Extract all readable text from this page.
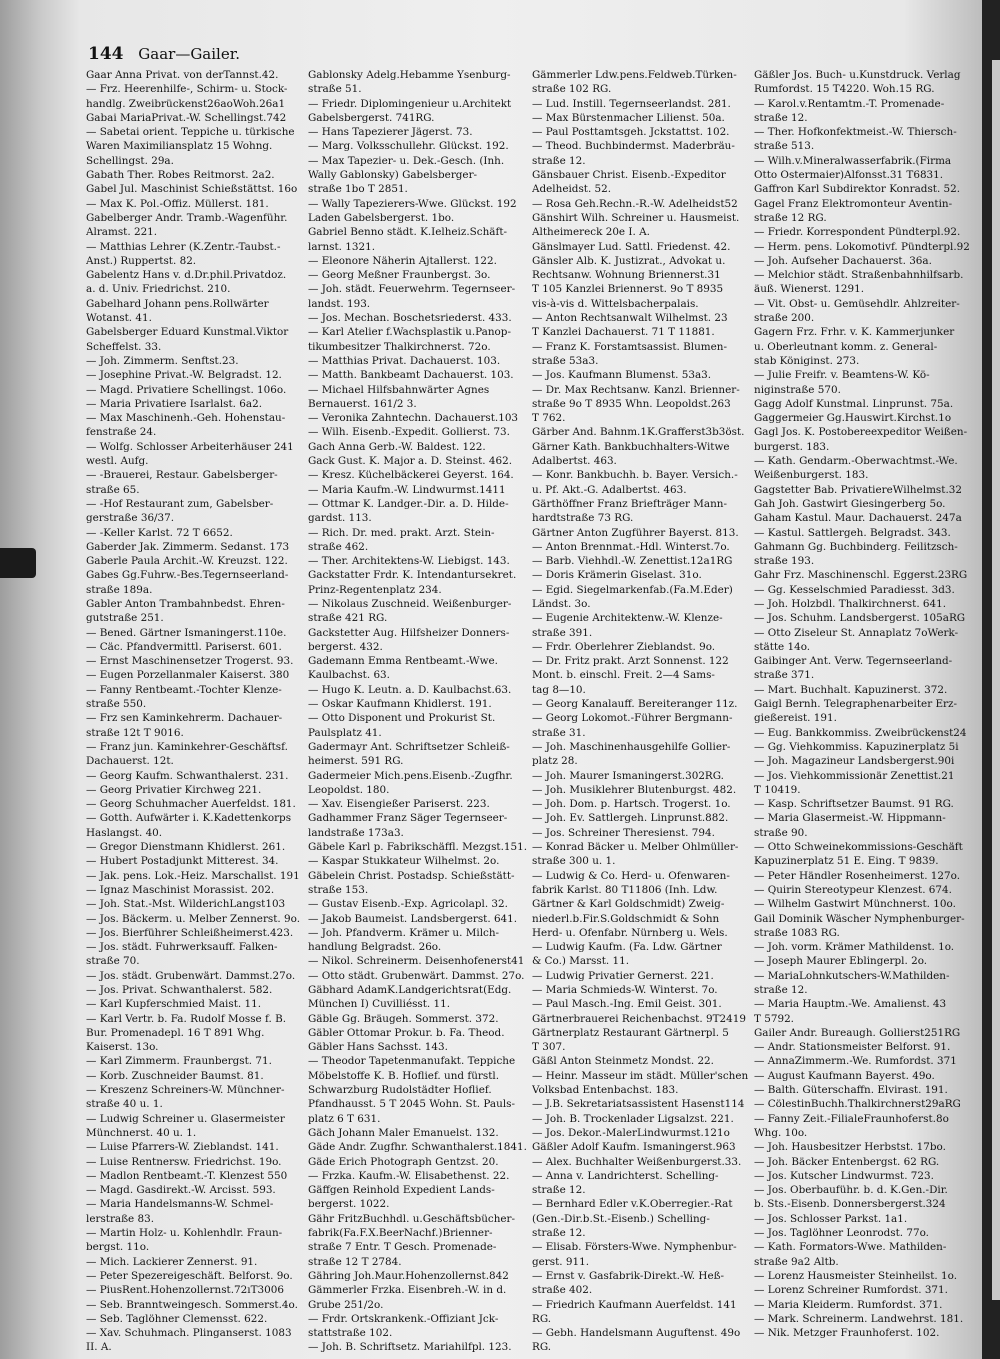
144 Gaar—Gailer.
Gaar Anna Privat. von derTannst.42.
— Frz. Heerenhilfe-, Schirm- u. Stock-
handlg. Zweibrückenst26aoWoh.26a1
Gabai MariaPrivat.-W. Schellingst.742
— Sabetai orient. Teppiche u. türkische
Waren Maximiliansplatz 15 Wohng.
Schellingst. 29a.
Gabath Ther. Robes Reitmorst. 2a2.
Gabel Jul. Maschinist Schießstättst. 16o
— Max K. Pol.-Offiz. Müllerst. 181.
Gabelberger Andr. Tramb.-Wagenführ.
Alramst. 221.
— Matthias Lehrer (K.Zentr.-Taubst.-
Anst.) Ruppertst. 82.
Gabelentz Hans v. d.Dr.phil.Privatdoz.
a. d. Univ. Friedrichst. 210.
Gabelhard Johann pens.Rollwärter
Wotanst. 41.
Gabelsberger Eduard Kunstmal.Viktor
Scheffelst. 33.
— Joh. Zimmerm. Senftst.23.
— Josephine Privat.-W. Belgradst. 12.
— Magd. Privatiere Schellingst. 106o.
— Maria Privatiere Isarlalst. 6a2.
— Max Maschinenh.-Geh. Hohenstau-
fenstraße 24.
— Wolfg. Schlosser Arbeiterhäuser 241
westl. Aufg.
— -Brauerei, Restaur. Gabelsberger-
straße 65.
— -Hof Restaurant zum, Gabelsber-
gerstraße 36/37.
— -Keller Karlst. 72 T 6652.
Gaberder Jak. Zimmerm. Sedanst. 173
Gaberle Paula Archit.-W. Kreuzst. 122.
Gabes Gg.Fuhrw.-Bes.Tegernseerland-
straße 189a.
Gabler Anton Trambahnbedst. Ehren-
gutstraße 251.
— Bened. Gärtner Ismaningerst.110e.
— Cäc. Pfandvermittl. Pariserst. 601.
— Ernst Maschinensetzer Trogerst. 93.
— Eugen Porzellanmaler Kaiserst. 380
— Fanny Rentbeamt.-Tochter Klenze-
straße 550.
— Frz sen Kaminkehrerm. Dachauer-
straße 12t T 9016.
— Franz jun. Kaminkehrer-Geschäftsf.
Dachauerst. 12t.
— Georg Kaufm. Schwanthalerst. 231.
— Georg Privatier Kirchweg 221.
— Georg Schuhmacher Auerfeldst. 181.
— Gotth. Aufwärter i. K.Kadettenkorps
Haslangst. 40.
— Gregor Dienstmann Khidlerst. 261.
— Hubert Postadjunkt Mitterest. 34.
— Jak. pens. Lok.-Heiz. Marschallst. 191
— Ignaz Maschinist Morassist. 202.
— Joh. Stat.-Mst. WilderichLangst103
— Jos. Bäckerm. u. Melber Zennerst. 9o.
— Jos. Bierführer Schleißheimerst.423.
— Jos. städt. Fuhrwerksauff. Falken-
straße 70.
— Jos. städt. Grubenwärt. Dammst.27o.
— Jos. Privat. Schwanthalerst. 582.
— Karl Kupferschmied Maist. 11.
— Karl Vertr. b. Fa. Rudolf Mosse f. B.
Bur. Promenadepl. 16 T 891 Whg.
Kaiserst. 13o.
— Karl Zimmerm. Fraunbergst. 71.
— Korb. Zuschneider Baumst. 81.
— Kreszenz Schreiners-W. Münchner-
straße 40 u. 1.
— Ludwig Schreiner u. Glasermeister
Münchnerst. 40 u. 1.
— Luise Pfarrers-W. Zieblandst. 141.
— Luise Rentnersw. Friedrichst. 19o.
— Madlon Rentbeamt.-T. Klenzest 550
— Magd. Gasdirekt.-W. Arcisst. 593.
— Maria Handelsmanns-W. Schmel-
lerstraße 83.
— Martin Holz- u. Kohlenhdlr. Fraun-
bergst. 11o.
— Mich. Lackierer Zennerst. 91.
— Peter Spezereigeschäft. Belforst. 9o.
— PiusRent.Hohenzollernst.72ıT3006
— Seb. Branntweingesch. Sommerst.4o.
— Seb. Taglöhner Clemensst. 622.
— Xav. Schuhmach. Plinganserst. 1083
II. A.
Gablonsky Adelg.Hebamme Ysenburg-
straße 51.
— Friedr. Diplomingenieur u.Architekt
Gabelsbergerst. 741RG.
— Hans Tapezierer Jägerst. 73.
— Marg. Volksschullehr. Glückst. 192.
— Max Tapezier- u. Dek.-Gesch. (Inh.
Wally Gablonsky) Gabelsberger-
straße 1bo T 2851.
— Wally Tapezierers-Wwe. Glückst. 192
Laden Gabelsbergerst. 1bo.
Gabriel Benno städt. K.Ielheiz.Schäft-
larnst. 1321.
— Eleonore Näherin Ajtallerst. 122.
— Georg Meßner Fraunbergst. 3o.
— Joh. städt. Feuerwehrm. Tegernseer-
landst. 193.
— Jos. Mechan. Boschetsriederst. 433.
— Karl Atelier f.Wachsplastik u.Panop-
tikumbesitzer Thalkirchnerst. 72o.
— Matthias Privat. Dachauerst. 103.
— Matth. Bankbeamt Dachauerst. 103.
— Michael Hilfsbahnwärter Agnes
Bernauerst. 161/2 3.
— Veronika Zahntechn. Dachauerst.103
— Wilh. Eisenb.-Expedit. Gollierst. 73.
Gach Anna Gerb.-W. Baldest. 122.
Gack Gust. K. Major a. D. Steinst. 462.
— Kresz. Küchelbäckerei Geyerst. 164.
— Maria Kaufm.-W. Lindwurmst.1411
— Ottmar K. Landger.-Dir. a. D. Hilde-
gardst. 113.
— Rich. Dr. med. prakt. Arzt. Stein-
straße 462.
— Ther. Architektens-W. Liebigst. 143.
Gackstatter Frdr. K. Intendantursekret.
Prinz-Regentenplatz 234.
— Nikolaus Zuschneid. Weißenburger-
straße 421 RG.
Gackstetter Aug. Hilfsheizer Donners-
bergerst. 432.
Gademann Emma Rentbeamt.-Wwe.
Kaulbachst. 63.
— Hugo K. Leutn. a. D. Kaulbachst.63.
— Oskar Kaufmann Khidlerst. 191.
— Otto Disponent und Prokurist St.
Paulsplatz 41.
Gadermayr Ant. Schriftsetzer Schleiß-
heimerst. 591 RG.
Gadermeier Mich.pens.Eisenb.-Zugfhr.
Leopoldst. 180.
— Xav. Eisengießer Pariserst. 223.
Gadhammer Franz Säger Tegernseer-
landstraße 173a3.
Gäbele Karl p. Fabrikschäffl. Mezgst.151.
— Kaspar Stukkateur Wilhelmst. 2o.
Gäbelein Christ. Postadsp. Schießstätt-
straße 153.
— Gustav Eisenb.-Exp. Agricolapl. 32.
— Jakob Baumeist. Landsbergerst. 641.
— Joh. Pfandverm. Krämer u. Milch-
handlung Belgradst. 26o.
— Nikol. Schreinerm. Deisenhofenerst41
— Otto städt. Grubenwärt. Dammst. 27o.
Gäbhard AdamK.Landgerichtsrat(Edg.
München I) Cuvilliésst. 11.
Gäble Gg. Bräugeh. Sommerst. 372.
Gäbler Ottomar Prokur. b. Fa. Theod.
Gäbler Hans Sachsst. 143.
— Theodor Tapetenmanufakt. Teppiche
Möbelstoffe K. B. Hoflief. und fürstl.
Schwarzburg Rudolstädter Hoflief.
Pfandhausst. 5 T 2045 Wohn. St. Pauls-
platz 6 T 631.
Gäch Johann Maler Emanuelst. 132.
Gäde Andr. Zugfhr. Schwanthalerst.1841.
Gäde Erich Photograph Gentzst. 20.
— Frzka. Kaufm.-W. Elisabethenst. 22.
Gäffgen Reinhold Expedient Lands-
bergerst. 1022.
Gähr FritzBuchhdl. u.Geschäftsbücher-
fabrik(Fa.F.X.BeerNachf.)Brienner-
straße 7 Entr. T Gesch. Promenade-
straße 12 T 2784.
Gähring Joh.Maur.Hohenzollernst.842
Gämmerler Frzka. Eisenbreh.-W. in d.
Grube 251/2o.
— Frdr. Ortskrankenk.-Offiziant Jck-
stattstraße 102.
— Joh. B. Schriftsetz. Mariahilfpl. 123.
Gämmerler Ldw.pens.Feldweb.Türken-
straße 102 RG.
— Lud. Instill. Tegernseerlandst. 281.
— Max Bürstenmacher Lilienst. 50a.
— Paul Posttamtsgeh. Jckstattst. 102.
— Theod. Buchbindermst. Maderbräu-
straße 12.
Gänsbauer Christ. Eisenb.-Expeditor
Adelheidst. 52.
— Rosa Geh.Rechn.-R.-W. Adelheidst52
Gänshirt Wilh. Schreiner u. Hausmeist.
Altheimereck 20e I. A.
Gänslmayer Lud. Sattl. Friedenst. 42.
Gänsler Alb. K. Justizrat., Advokat u.
Rechtsanw. Wohnung Briennerst.31
T 105 Kanzlei Briennerst. 9o T 8935
vis-à-vis d. Wittelsbacherpalais.
— Anton Rechtsanwalt Wilhelmst. 23
T Kanzlei Dachauerst. 71 T 11881.
— Franz K. Forstamtsassist. Blumen-
straße 53a3.
— Jos. Kaufmann Blumenst. 53a3.
— Dr. Max Rechtsanw. Kanzl. Brienner-
straße 9o T 8935 Whn. Leopoldst.263
T 762.
Gärber And. Bahnm.1K.Grafferst3b3öst.
Gärner Kath. Bankbuchhalters-Witwe
Adalbertst. 463.
— Konr. Bankbuchh. b. Bayer. Versich.-
u. Pf. Akt.-G. Adalbertst. 463.
Gärthöffner Franz Briefträger Mann-
hardtstraße 73 RG.
Gärtner Anton Zugführer Bayerst. 813.
— Anton Brennmat.-Hdl. Winterst.7o.
— Barb. Viehhdl.-W. Zenettist.12a1RG
— Doris Krämerin Giselast. 31o.
— Egid. Siegelmarkenfab.(Fa.M.Eder)
Ländst. 3o.
— Eugenie Architektenw.-W. Klenze-
straße 391.
— Frdr. Oberlehrer Zieblandst. 9o.
— Dr. Fritz prakt. Arzt Sonnenst. 122
Mont. b. einschl. Freit. 2—4 Sams-
tag 8—10.
— Georg Kanalauff. Bereiteranger 11z.
— Georg Lokomot.-Führer Bergmann-
straße 31.
— Joh. Maschinenhausgehilfe Gollier-
platz 28.
— Joh. Maurer Ismaningerst.302RG.
— Joh. Musiklehrer Blutenburgst. 482.
— Joh. Dom. p. Hartsch. Trogerst. 1o.
— Joh. Ev. Sattlergeh. Linprunst.882.
— Jos. Schreiner Theresienst. 794.
— Konrad Bäcker u. Melber Ohlmüller-
straße 300 u. 1.
— Ludwig & Co. Herd- u. Ofenwaren-
fabrik Karlst. 80 T11806 (Inh. Ldw.
Gärtner & Karl Goldschmidt) Zweig-
niederl.b.Fir.S.Goldschmidt & Sohn
Herd- u. Ofenfabr. Nürnberg u. Wels.
— Ludwig Kaufm. (Fa. Ldw. Gärtner
& Co.) Marsst. 11.
— Ludwig Privatier Gernerst. 221.
— Maria Schmieds-W. Winterst. 7o.
— Paul Masch.-Ing. Emil Geist. 301.
Gärtnerbrauerei Reichenbachst. 9T2419
Gärtnerplatz Restaurant Gärtnerpl. 5
T 307.
Gäßl Anton Steinmetz Mondst. 22.
— Heinr. Masseur im städt. Müller'schen
Volksbad Entenbachst. 183.
— J.B. Sekretariatsassistent Hasenst114
— Joh. B. Trockenlader Ligsalzst. 221.
— Jos. Dekor.-MalerLindwurmst.121o
Gäßler Adolf Kaufm. Ismaningerst.963
— Alex. Buchhalter Weißenburgerst.33.
— Anna v. Landrichterst. Schelling-
straße 12.
— Bernhard Edler v.K.Oberregier.-Rat
(Gen.-Dir.b.St.-Eisenb.) Schelling-
straße 12.
— Elisab. Försters-Wwe. Nymphenbur-
gerst. 911.
— Ernst v. Gasfabrik-Direkt.-W. Heß-
straße 402.
— Friedrich Kaufmann Auerfeldst. 141
RG.
— Gebh. Handelsmann Auguftenst. 49o
RG.
Gäßler Jos. Buch- u.Kunstdruck. Verlag
Rumfordst. 15 T4220. Woh.15 RG.
— Karol.v.Rentamtm.-T. Promenade-
straße 12.
— Ther. Hofkonfektmeist.-W. Thiersch-
straße 513.
— Wilh.v.Mineralwasserfabrik.(Firma
Otto Ostermaier)Alfonsst.31 T6831.
Gaffron Karl Subdirektor Konradst. 52.
Gagel Franz Elektromonteur Aventin-
straße 12 RG.
— Friedr. Korrespondent Pündterpl.92.
— Herm. pens. Lokomotivf. Pündterpl.92
— Joh. Aufseher Dachauerst. 36a.
— Melchior städt. Straßenbahnhilfsarb.
äuß. Wienerst. 1291.
— Vit. Obst- u. Gemüsehdlr. Ahlzreiter-
straße 200.
Gagern Frz. Frhr. v. K. Kammerjunker
u. Oberleutnant komm. z. General-
stab Königinst. 273.
— Julie Freifr. v. Beamtens-W. Kö-
niginstraße 570.
Gagg Adolf Kunstmal. Linprunst. 75a.
Gaggermeier Gg.Hauswirt.Kirchst.1o
Gagl Jos. K. Postobereexpeditor Weißen-
burgerst. 183.
— Kath. Gendarm.-Oberwachtmst.-We.
Weißenburgerst. 183.
Gagstetter Bab. PrivatiereWilhelmst.32
Gah Joh. Gastwirt Giesingerberg 5o.
Gaham Kastul. Maur. Dachauerst. 247a
— Kastul. Sattlergeh. Belgradst. 343.
Gahmann Gg. Buchbinderg. Feilitzsch-
straße 193.
Gahr Frz. Maschinenschl. Eggerst.23RG
— Gg. Kesselschmied Paradiesst. 3d3.
— Joh. Holzbdl. Thalkirchnerst. 641.
— Jos. Schuhm. Landsbergerst. 105aRG
— Otto Ziseleur St. Annaplatz 7oWerk-
stätte 14o.
Gaibinger Ant. Verw. Tegernseerland-
straße 371.
— Mart. Buchhalt. Kapuzinerst. 372.
Gaigl Bernh. Telegraphenarbeiter Erz-
gießereist. 191.
— Eug. Bankkommiss. Zweibrückenst24
— Gg. Viehkommiss. Kapuzinerplatz 5i
— Joh. Magazineur Landsbergerst.90i
— Jos. Viehkommissionär Zenettist.21
T 10419.
— Kasp. Schriftsetzer Baumst. 91 RG.
— Maria Glasermeist.-W. Hippmann-
straße 90.
— Otto Schweinekommissions-Geschäft
Kapuzinerplatz 51 E. Eing. T 9839.
— Peter Händler Rosenheimerst. 127o.
— Quirin Stereotypeur Klenzest. 674.
— Wilhelm Gastwirt Münchnerst. 10o.
Gail Dominik Wäscher Nymphenburger-
straße 1083 RG.
— Joh. vorm. Krämer Mathildenst. 1o.
— Joseph Maurer Eblingerpl. 2o.
— MariaLohnkutschers-W.Mathilden-
straße 12.
— Maria Hauptm.-We. Amalienst. 43
T 5792.
Gailer Andr. Bureaugh. Gollierst251RG
— Andr. Stationsmeister Belforst. 91.
— AnnaZimmerm.-We. Rumfordst. 371
— August Kaufmann Bayerst. 49o.
— Balth. Güterschaffn. Elvirast. 191.
— CölestinBuchh.Thalkirchnerst29aRG
— Fanny Zeit.-FilialeFraunhoferst.8o
Whg. 10o.
— Joh. Hausbesitzer Herbstst. 17bo.
— Joh. Bäcker Entenbergst. 62 RG.
— Jos. Kutscher Lindwurmst. 723.
— Jos. Oberbauführ. b. d. K.Gen.-Dir.
b. Sts.-Eisenb. Donnersbergerst.324
— Jos. Schlosser Parkst. 1a1.
— Jos. Taglöhner Leonrodst. 77o.
— Kath. Formators-Wwe. Mathilden-
straße 9a2 Altb.
— Lorenz Hausmeister Steinheilst. 1o.
— Lorenz Schreiner Rumfordst. 371.
— Maria Kleiderm. Rumfordst. 371.
— Mark. Schreinerm. Landwehrst. 181.
— Nik. Metzger Fraunhoferst. 102.
